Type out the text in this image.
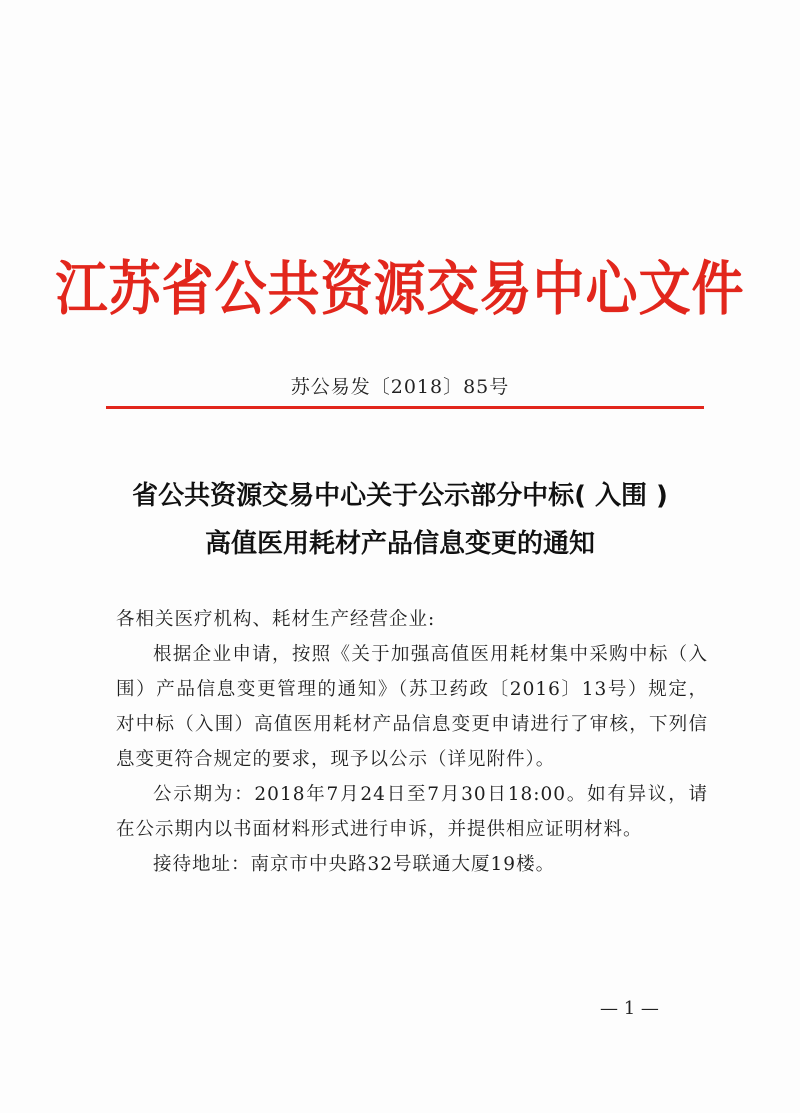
江苏省公共资源交易中心文件
苏公易发〔2018〕85号
省公共资源交易中心关于公示部分中标( 入围 )
高值医用耗材产品信息变更的通知

各相关医疗机构、耗材生产经营企业:

根据企业申请，按照《关于加强高值医用耗材集中采购中标（入围）产品信息变更管理的通知》（苏卫药政〔2016〕13号）规定，对中标（入围）高值医用耗材产品信息变更申请进行了审核，下列信息变更符合规定的要求，现予以公示（详见附件）。

公示期为：2018年7月24日至7月30日18:00。如有异议，请在公示期内以书面材料形式进行申诉，并提供相应证明材料。

接待地址：南京市中央路32号联通大厦19楼。

— 1 —
